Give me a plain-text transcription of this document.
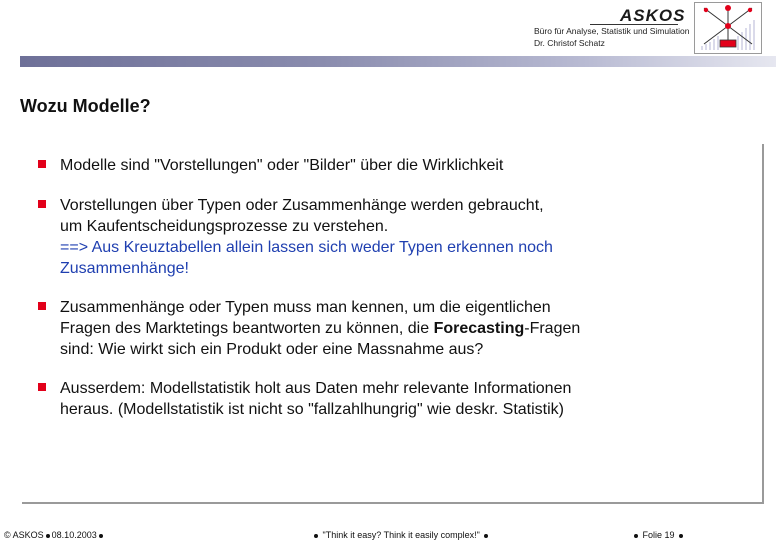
ASKOS
Büro für Analyse, Statistik und Simulation
Dr. Christof Schatz
Wozu Modelle?
Modelle sind "Vorstellungen" oder "Bilder" über die Wirklichkeit
Vorstellungen über Typen oder Zusammenhänge werden gebraucht,
um Kaufentscheidungsprozesse zu verstehen.
==> Aus Kreuztabellen allein lassen sich weder Typen erkennen noch
Zusammenhänge!
Zusammenhänge oder Typen muss man kennen, um die eigentlichen
Fragen des Marktetings beantworten zu können, die Forecasting-Fragen
sind: Wie wirkt sich ein Produkt oder eine Massnahme aus?
Ausserdem: Modellstatistik holt aus Daten mehr relevante Informationen
heraus. (Modellstatistik ist nicht so "fallzahlhungrig" wie deskr. Statistik)
© ASKOS 08.10.2003	"Think it easy? Think it easily complex!"	Folie 19
